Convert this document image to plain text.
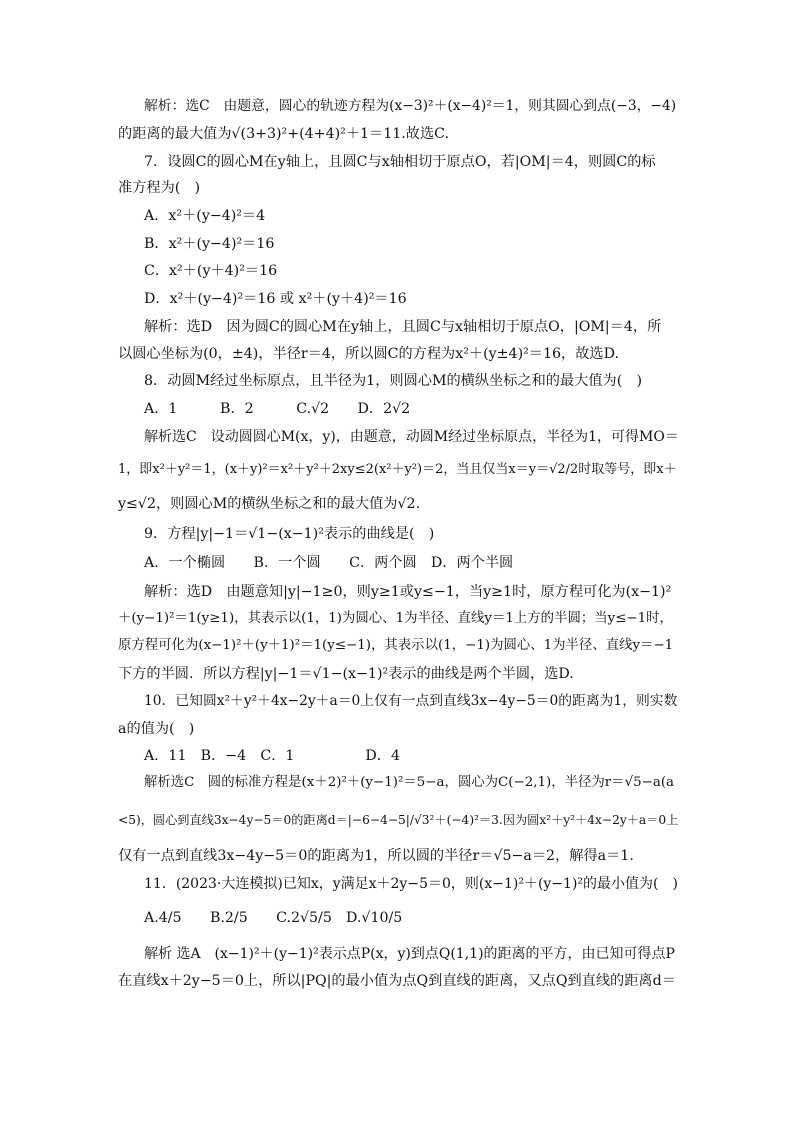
解析：选C　由题意，圆心的轨迹方程为(x−3)²＋(x−4)²＝1，则其圆心到点(−3，−4)
的距离的最大值为√(3+3)²+(4+4)²＋1＝11.故选C.
7．设圆C的圆心M在y轴上，且圆C与x轴相切于原点O，若|OM|＝4，则圆C的标
准方程为(　)
A．x²＋(y−4)²＝4
B．x²＋(y−4)²＝16
C．x²＋(y＋4)²＝16
D．x²＋(y−4)²＝16 或 x²＋(y＋4)²＝16
解析：选D　因为圆C的圆心M在y轴上，且圆C与x轴相切于原点O，|OM|＝4，所
以圆心坐标为(0，±4)，半径r＝4，所以圆C的方程为x²＋(y±4)²＝16，故选D.
8．动圆M经过坐标原点，且半径为1，则圆心M的横纵坐标之和的最大值为(　)
A．1　　　B．2　　　C.√2　　D．2√2
解析选C　设动圆圆心M(x，y)，由题意，动圆M经过坐标原点，半径为1，可得MO＝
1，即x²＋y²＝1，(x＋y)²＝x²＋y²＋2xy≤2(x²＋y²)＝2，当且仅当x＝y＝√2/2时取等号，即x＋
y≤√2，则圆心M的横纵坐标之和的最大值为√2.
9．方程|y|−1＝√1−(x−1)²表示的曲线是(　)
A．一个椭圆　　B．一个圆　　C．两个圆　D．两个半圆
解析：选D　由题意知|y|−1≥0，则y≥1或y≤−1，当y≥1时，原方程可化为(x−1)²
＋(y−1)²＝1(y≥1)，其表示以(1，1)为圆心、1为半径、直线y＝1上方的半圆；当y≤−1时，
原方程可化为(x−1)²＋(y＋1)²＝1(y≤−1)，其表示以(1，−1)为圆心、1为半径、直线y＝−1
下方的半圆．所以方程|y|−1＝√1−(x−1)²表示的曲线是两个半圆，选D.
10．已知圆x²＋y²＋4x−2y＋a＝0上仅有一点到直线3x−4y−5＝0的距离为1，则实数
a的值为(　)
A．11　B．−4　C．1　　　　　D．4
解析选C　圆的标准方程是(x＋2)²＋(y−1)²＝5−a，圆心为C(−2,1)，半径为r＝√5−a(a
<5)，圆心到直线3x−4y−5＝0的距离d＝|−6−4−5|/√3²＋(−4)²＝3.因为圆x²＋y²＋4x−2y＋a＝0上
仅有一点到直线3x−4y−5＝0的距离为1，所以圆的半径r＝√5−a＝2，解得a＝1.
11．(2023·大连模拟)已知x，y满足x＋2y−5＝0，则(x−1)²＋(y−1)²的最小值为(　)
A.4/5　　B.2/5　　C.2√5/5　D.√10/5
解析 选A　(x−1)²＋(y−1)²表示点P(x，y)到点Q(1,1)的距离的平方，由已知可得点P
在直线x＋2y−5＝0上，所以|PQ|的最小值为点Q到直线的距离，又点Q到直线的距离d＝
